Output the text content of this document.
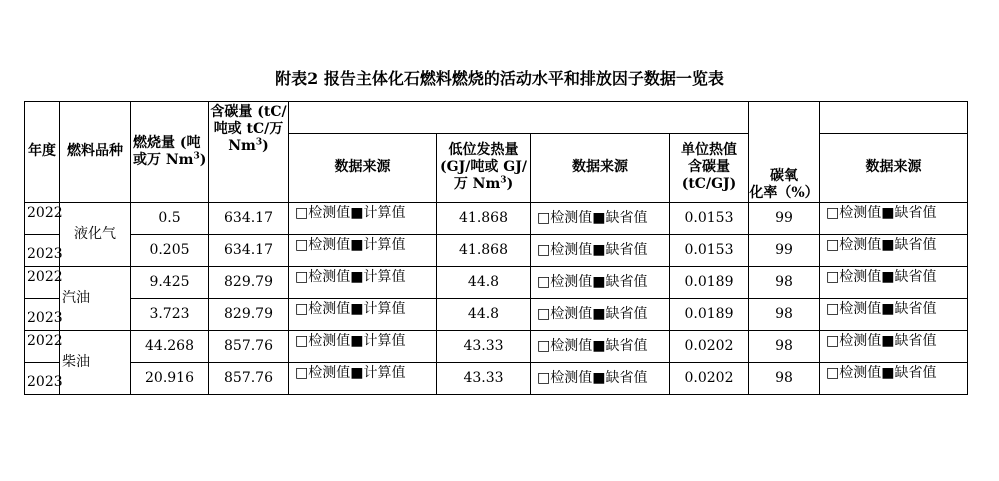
附表2 报告主体化石燃料燃烧的活动水平和排放因子数据一览表
年度	燃料品种	燃烧量 (吨
或万 Nm$^3$)	含碳量 (tC/
吨或 tC/万
Nm$^3$)						
				数据来源	低位发热量
(GJ/吨或 GJ/
万 Nm$^3$)	数据来源	单位热值
含碳量
(tC/GJ)		数据来源
								碳氧
化率（%）	
2022	液化气	0.5	634.17	□检测值■计算值	41.868	□检测值■缺省值	0.0153	99	□检测值■缺省值
2023		0.205	634.17	□检测值■计算值	41.868	□检测值■缺省值	0.0153	99	□检测值■缺省值
2022	汽油	9.425	829.79	□检测值■计算值	44.8	□检测值■缺省值	0.0189	98	□检测值■缺省值
2023		3.723	829.79	□检测值■计算值	44.8	□检测值■缺省值	0.0189	98	□检测值■缺省值
2022	柴油	44.268	857.76	□检测值■计算值	43.33	□检测值■缺省值	0.0202	98	□检测值■缺省值
2023		20.916	857.76	□检测值■计算值	43.33	□检测值■缺省值	0.0202	98	□检测值■缺省值
